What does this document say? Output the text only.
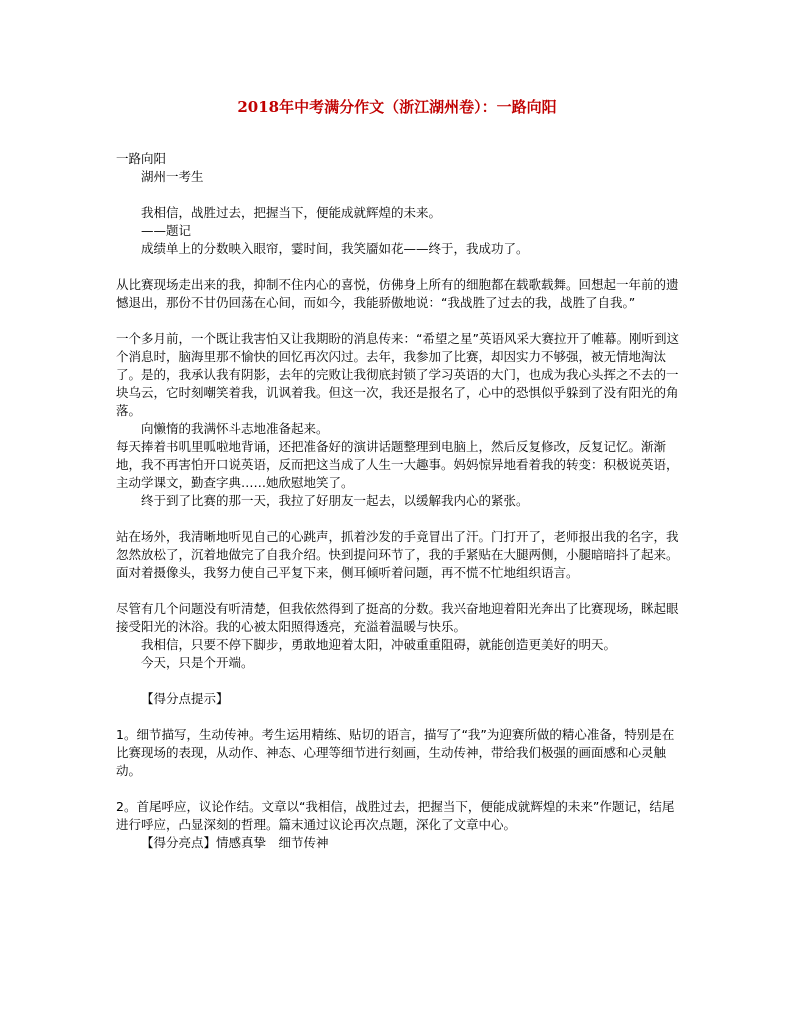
2018年中考满分作文（浙江湖州卷）：一路向阳

一路向阳

湖州一考生

我相信，战胜过去，把握当下，便能成就辉煌的未来。

——题记

成绩单上的分数映入眼帘，霎时间，我笑靥如花——终于，我成功了。

从比赛现场走出来的我，抑制不住内心的喜悦，仿佛身上所有的细胞都在载歌载舞。回想起一年前的遗憾退出，那份不甘仍回荡在心间，而如今，我能骄傲地说：“我战胜了过去的我，战胜了自我。”

一个多月前，一个既让我害怕又让我期盼的消息传来：“希望之星”英语风采大赛拉开了帷幕。刚听到这个消息时，脑海里那不愉快的回忆再次闪过。去年，我参加了比赛，却因实力不够强，被无情地淘汰了。是的，我承认我有阴影，去年的完败让我彻底封锁了学习英语的大门，也成为我心头挥之不去的一块乌云，它时刻嘲笑着我，讥讽着我。但这一次，我还是报名了，心中的恐惧似乎躲到了没有阳光的角落。

向懒惰的我满怀斗志地准备起来。

每天捧着书叽里呱啦地背诵，还把准备好的演讲话题整理到电脑上，然后反复修改，反复记忆。渐渐地，我不再害怕开口说英语，反而把这当成了人生一大趣事。妈妈惊异地看着我的转变：积极说英语，主动学课文，勤查字典……她欣慰地笑了。

终于到了比赛的那一天，我拉了好朋友一起去，以缓解我内心的紧张。

站在场外，我清晰地听见自己的心跳声，抓着沙发的手竟冒出了汗。门打开了，老师报出我的名字，我忽然放松了，沉着地做完了自我介绍。快到提问环节了，我的手紧贴在大腿两侧，小腿暗暗抖了起来。面对着摄像头，我努力使自己平复下来，侧耳倾听着问题，再不慌不忙地组织语言。

尽管有几个问题没有听清楚，但我依然得到了挺高的分数。我兴奋地迎着阳光奔出了比赛现场，眯起眼接受阳光的沐浴。我的心被太阳照得透亮，充溢着温暖与快乐。

我相信，只要不停下脚步，勇敢地迎着太阳，冲破重重阻碍，就能创造更美好的明天。

今天，只是个开端。

【得分点提示】

1。细节描写，生动传神。考生运用精练、贴切的语言，描写了“我”为迎赛所做的精心准备，特别是在比赛现场的表现，从动作、神态、心理等细节进行刻画，生动传神，带给我们极强的画面感和心灵触动。

2。首尾呼应，议论作结。文章以“我相信，战胜过去，把握当下，便能成就辉煌的未来”作题记，结尾进行呼应，凸显深刻的哲理。篇末通过议论再次点题，深化了文章中心。

【得分亮点】情感真挚　细节传神
